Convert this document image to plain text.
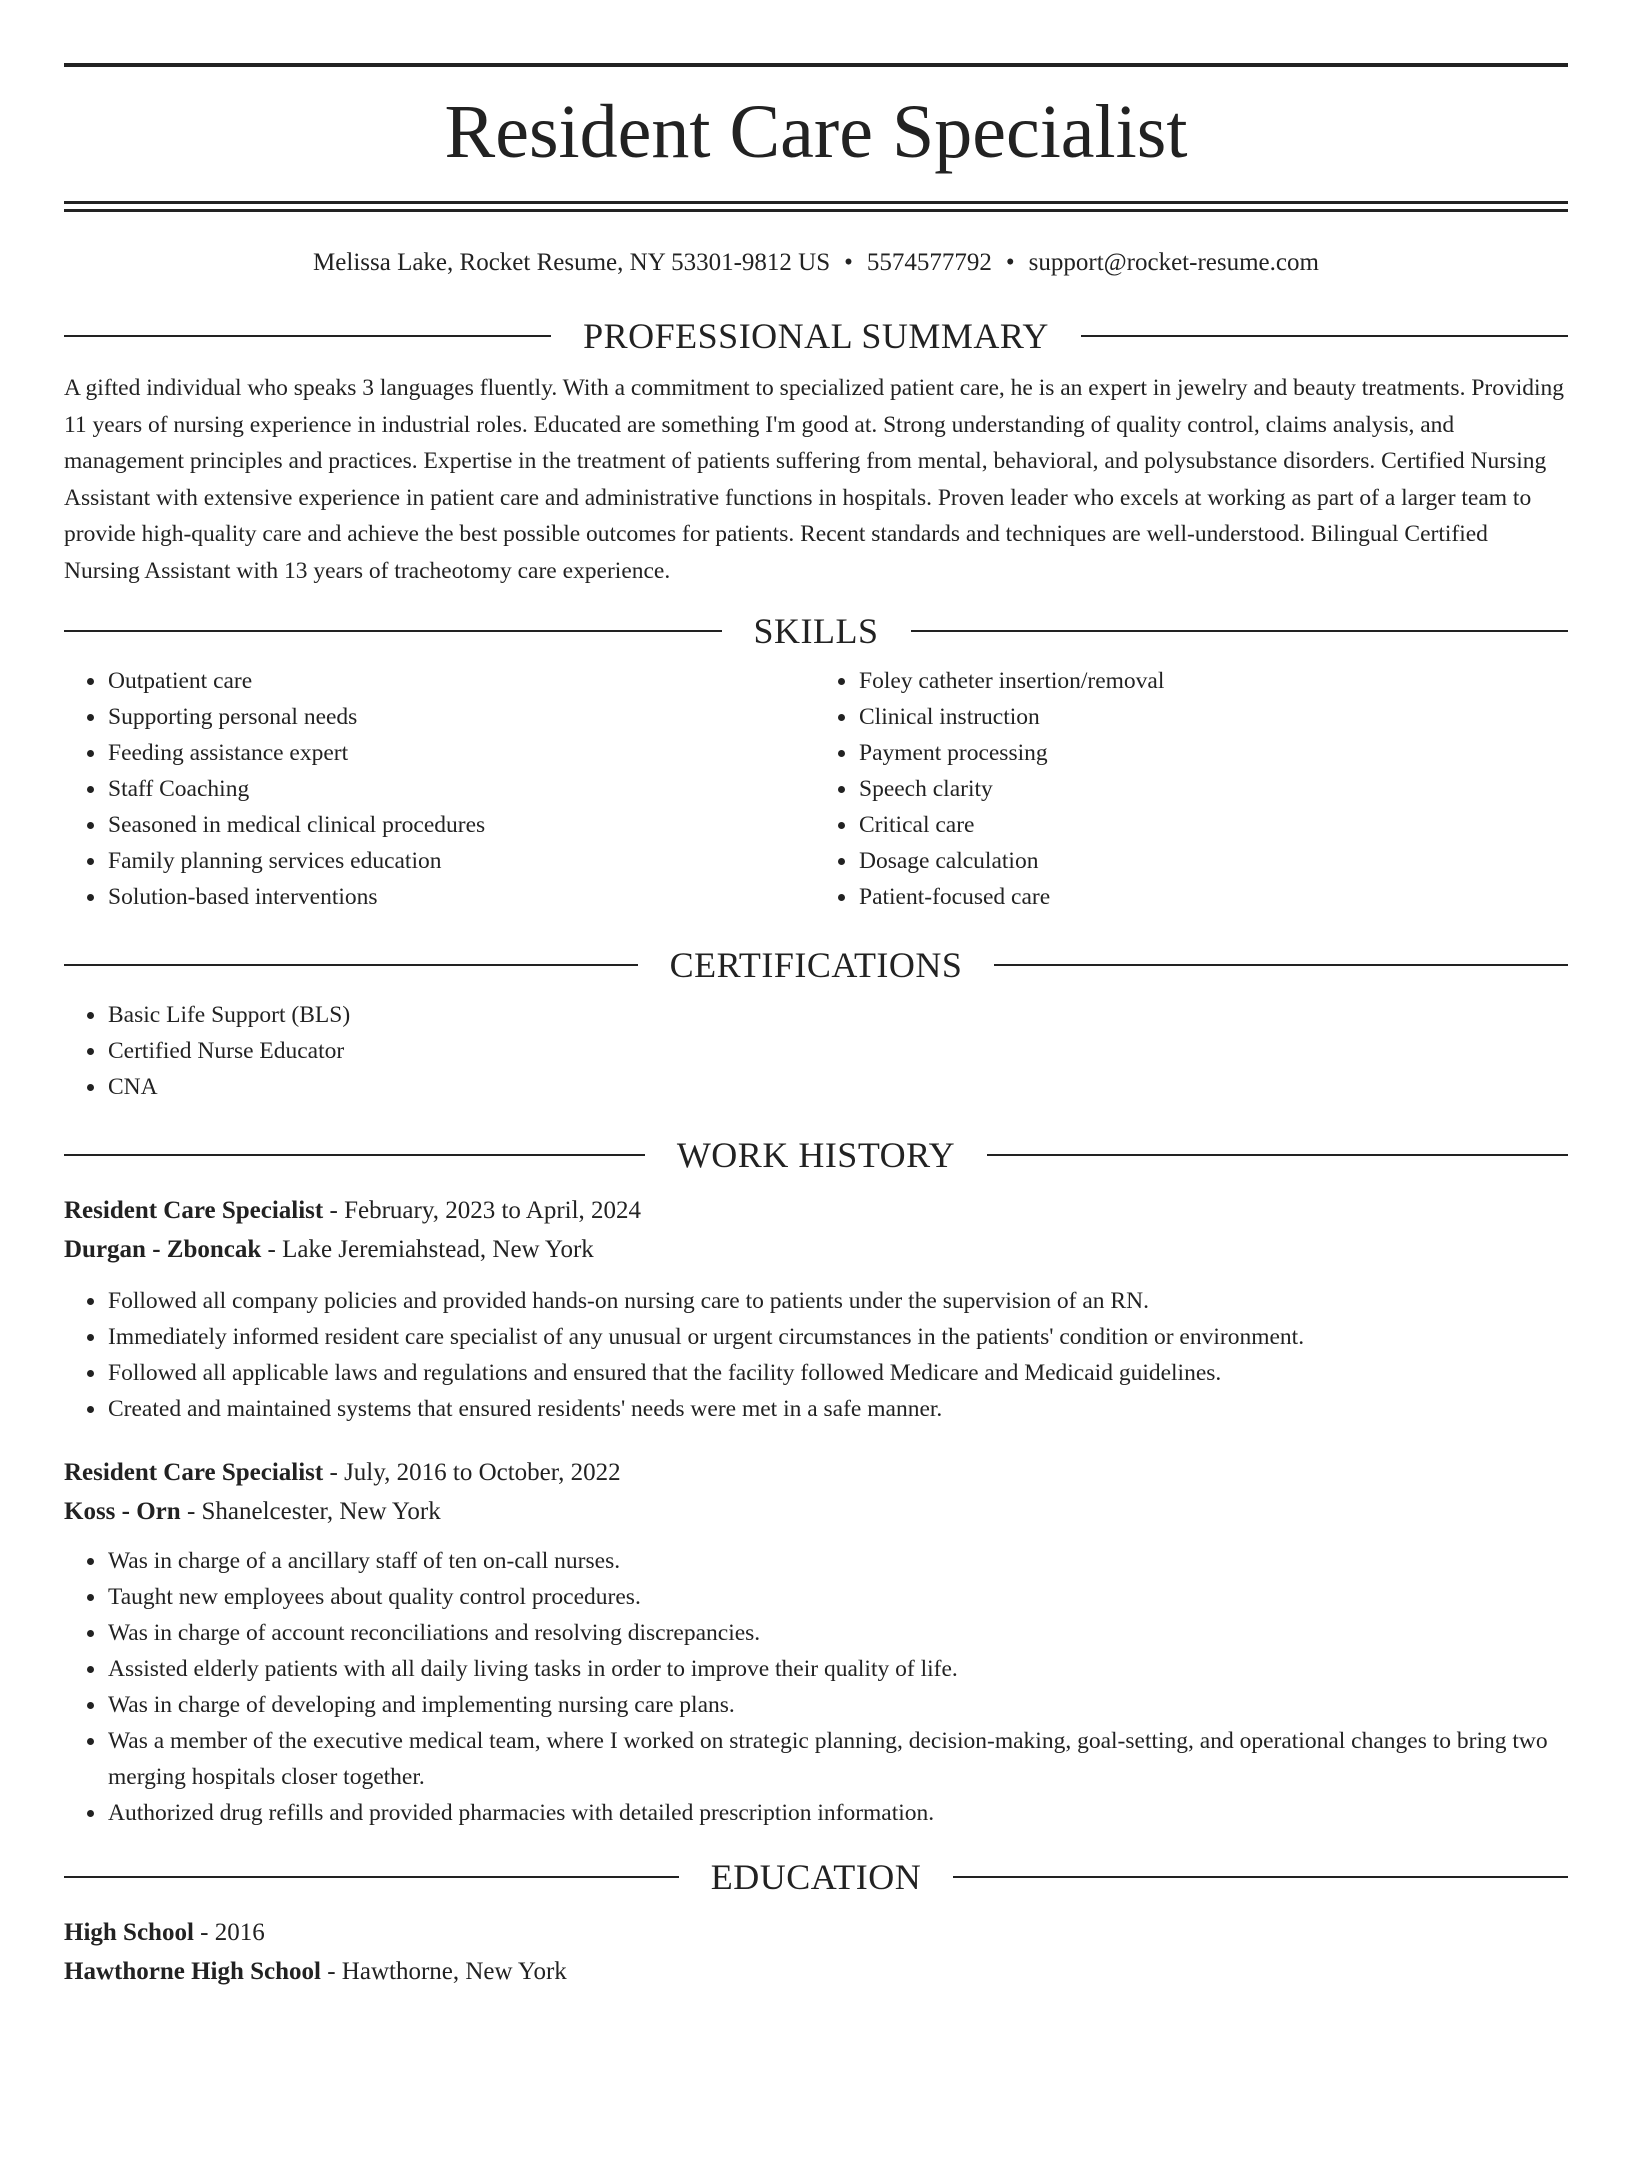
Resident Care Specialist
Melissa Lake, Rocket Resume, NY 53301-9812 US • 5574577792 • support@rocket-resume.com
PROFESSIONAL SUMMARY

A gifted individual who speaks 3 languages fluently. With a commitment to specialized patient care, he is an expert in jewelry and beauty treatments. Providing 11 years of nursing experience in industrial roles. Educated are something I'm good at. Strong understanding of quality control, claims analysis, and management principles and practices. Expertise in the treatment of patients suffering from mental, behavioral, and polysubstance disorders. Certified Nursing Assistant with extensive experience in patient care and administrative functions in hospitals. Proven leader who excels at working as part of a larger team to provide high-quality care and achieve the best possible outcomes for patients. Recent standards and techniques are well-understood. Bilingual Certified Nursing Assistant with 13 years of tracheotomy care experience.

SKILLS
• Outpatient care
• Supporting personal needs
• Feeding assistance expert
• Staff Coaching
• Seasoned in medical clinical procedures
• Family planning services education
• Solution-based interventions
• Foley catheter insertion/removal
• Clinical instruction
• Payment processing
• Speech clarity
• Critical care
• Dosage calculation
• Patient-focused care
CERTIFICATIONS
• Basic Life Support (BLS)
• Certified Nurse Educator
• CNA
WORK HISTORY
Resident Care Specialist - February, 2023 to April, 2024
Durgan - Zboncak - Lake Jeremiahstead, New York
• Followed all company policies and provided hands-on nursing care to patients under the supervision of an RN.
• Immediately informed resident care specialist of any unusual or urgent circumstances in the patients' condition or environment.
• Followed all applicable laws and regulations and ensured that the facility followed Medicare and Medicaid guidelines.
• Created and maintained systems that ensured residents' needs were met in a safe manner.
Resident Care Specialist - July, 2016 to October, 2022
Koss - Orn - Shanelcester, New York
• Was in charge of a ancillary staff of ten on-call nurses.
• Taught new employees about quality control procedures.
• Was in charge of account reconciliations and resolving discrepancies.
• Assisted elderly patients with all daily living tasks in order to improve their quality of life.
• Was in charge of developing and implementing nursing care plans.
• Was a member of the executive medical team, where I worked on strategic planning, decision-making, goal-setting, and operational changes to bring two merging hospitals closer together.
• Authorized drug refills and provided pharmacies with detailed prescription information.
EDUCATION
High School - 2016
Hawthorne High School - Hawthorne, New York
